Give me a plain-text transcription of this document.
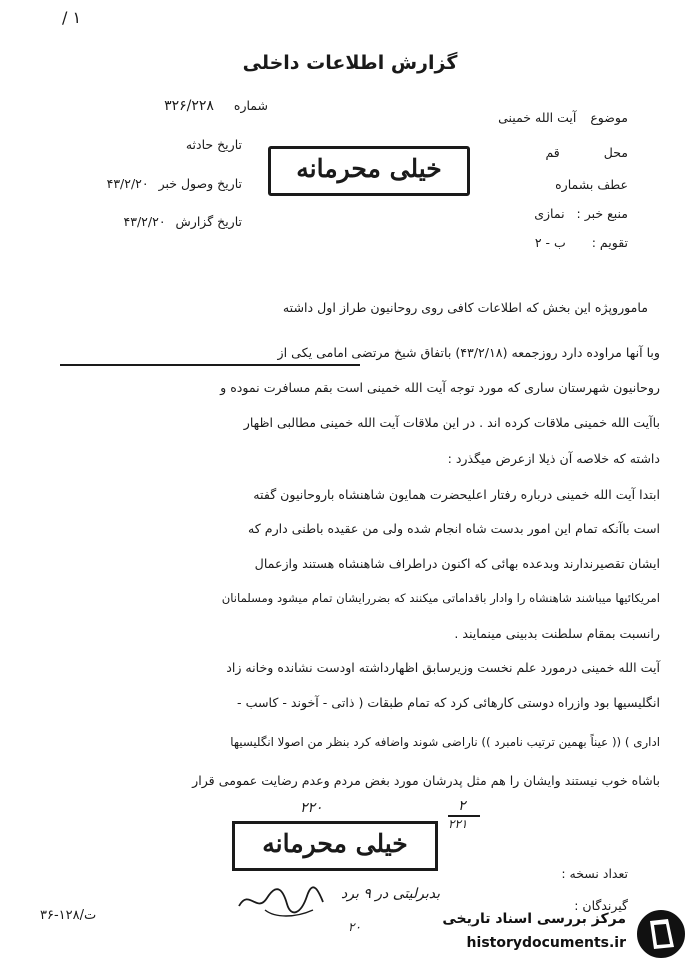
۱ /
گزارش اطلاعات داخلی
شماره ۳۲۶/۲۲۸
تاریخ حادثه
تاریخ وصول خبر ۴۳/۲/۲۰
تاریخ گزارش ۴۳/۲/۲۰
خیلی محرمانه
موضوع آیت الله خمینی
محل قم
عطف بشماره
منبع خبر : نمازی
تقویم : ب - ۲
ماموروپژه این بخش که اطلاعات کافی روی روحانیون طراز اول داشته
وبا آنها مراوده دارد روزجمعه (۴۳/۲/۱۸) باتفاق شیخ مرتضی امامی یکی از
روحانیون شهرستان ساری که مورد توجه آیت الله خمینی است بقم مسافرت نموده و
باآیت الله خمینی ملاقات کرده اند . در این ملاقات آیت الله خمینی مطالبی اظهار
داشته که خلاصه آن ذیلا ازعرض میگذرد :
ابتدا آیت الله خمینی درباره رفتار اعلیحضرت همایون شاهنشاه باروحانیون گفته
است باآنکه تمام این امور بدست شاه انجام شده ولی من عقیده باطنی دارم که
ایشان تقصیرندارند وبدعده بهائی که اکنون دراطراف شاهنشاه هستند وازعمال
امریکائیها میباشند شاهنشاه را وادار باقداماتی میکنند که بضررایشان تمام میشود ومسلمانان
رانسبت بمقام سلطنت بدبینی مینمایند .
آیت الله خمینی درمورد علم نخست وزیرسابق اظهارداشته اودست نشانده وخانه زاد
انگلیسیها بود وازراه دوستی کارهائی کرد که تمام طبقات ( ذاتی - آخوند - کاسب -
اداری ) (( عیناً بهمین ترتیب نامبرد )) ناراضی شوند واضافه کرد بنظر من اصولا انگلیسیها
باشاه خوب نیستند وایشان را هم مثل پدرشان مورد بغض مردم وعدم رضایت عمومی قرار
۲۲۰	۲
۲۲۱
خیلی محرمانه
تعداد نسخه :
گیرندگان :
بدبرلیتی در ۹ برد
۲۰
۳۶-۱۲۸/ت	مرکز بررسی اسناد تاریخی
historydocuments.ir
